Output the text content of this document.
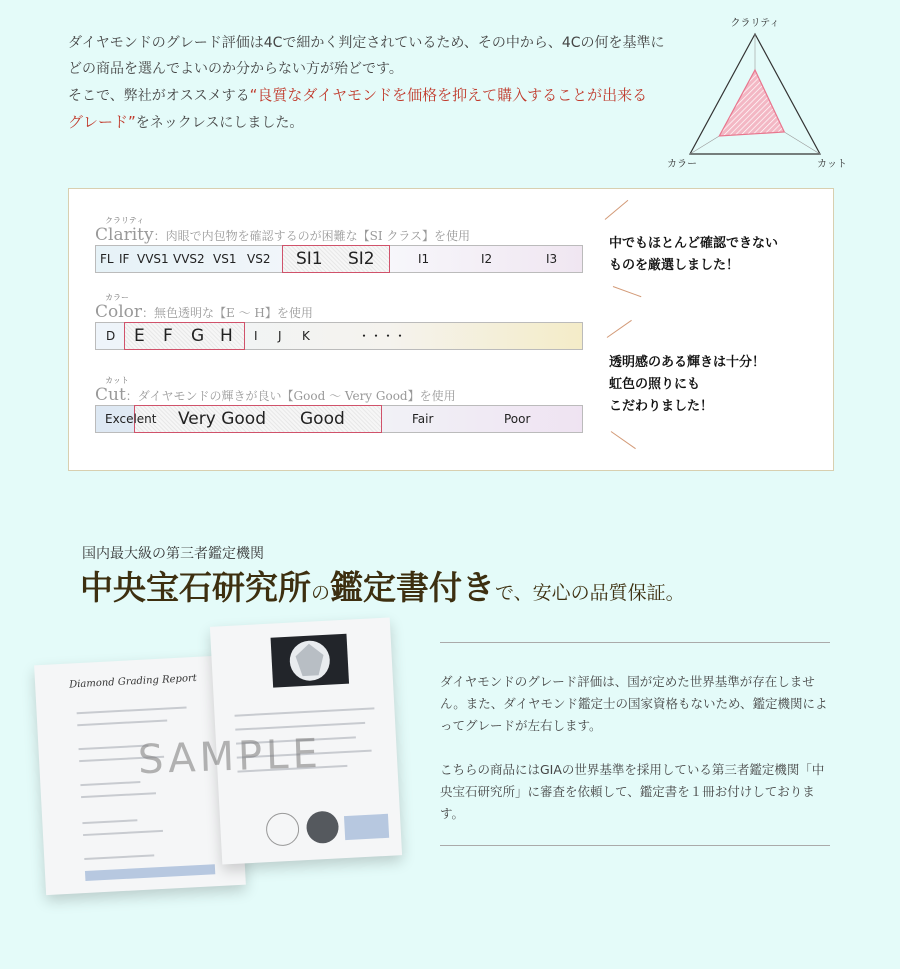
ダイヤモンドのグレード評価は4Cで細かく判定されているため、その中から、4Cの何を基準に

どの商品を選んでよいのか分からない方が殆どです。

そこで、弊社がオススメする“良質なダイヤモンドを価格を抑えて購入することが出来る

グレード”をネックレスにしました。

クラリティ
カラー	カット
クラリティ
Clarity：肉眼で内包物を確認するのが困難な【SI クラス】を使用
FL IF VVS1 VVS2 VS1 VS2 SI1 SI2	I1	I2	I3
カラー
Color：無色透明な【E 〜 H】を使用
D E F G H I J K	・・・・
カット
Cut：ダイヤモンドの輝きが良い【Good 〜 Very Good】を使用
Excelent Very Good Good	Fair	Poor
中でもほとんど確認できない
ものを厳選しました！
透明感のある輝きは十分！
虹色の照りにも
こだわりました！
国内最大級の第三者鑑定機関
中央宝石研究所の鑑定書付きで、安心の品質保証。
Diamond Grading Report
SAMPLE

ダイヤモンドのグレード評価は、国が定めた世界基準が存在しません。また、ダイヤモンド鑑定士の国家資格もないため、鑑定機関によってグレードが左右します。

こちらの商品にはGIAの世界基準を採用している第三者鑑定機関「中央宝石研究所」に審査を依頼して、鑑定書を１冊お付けしております。
